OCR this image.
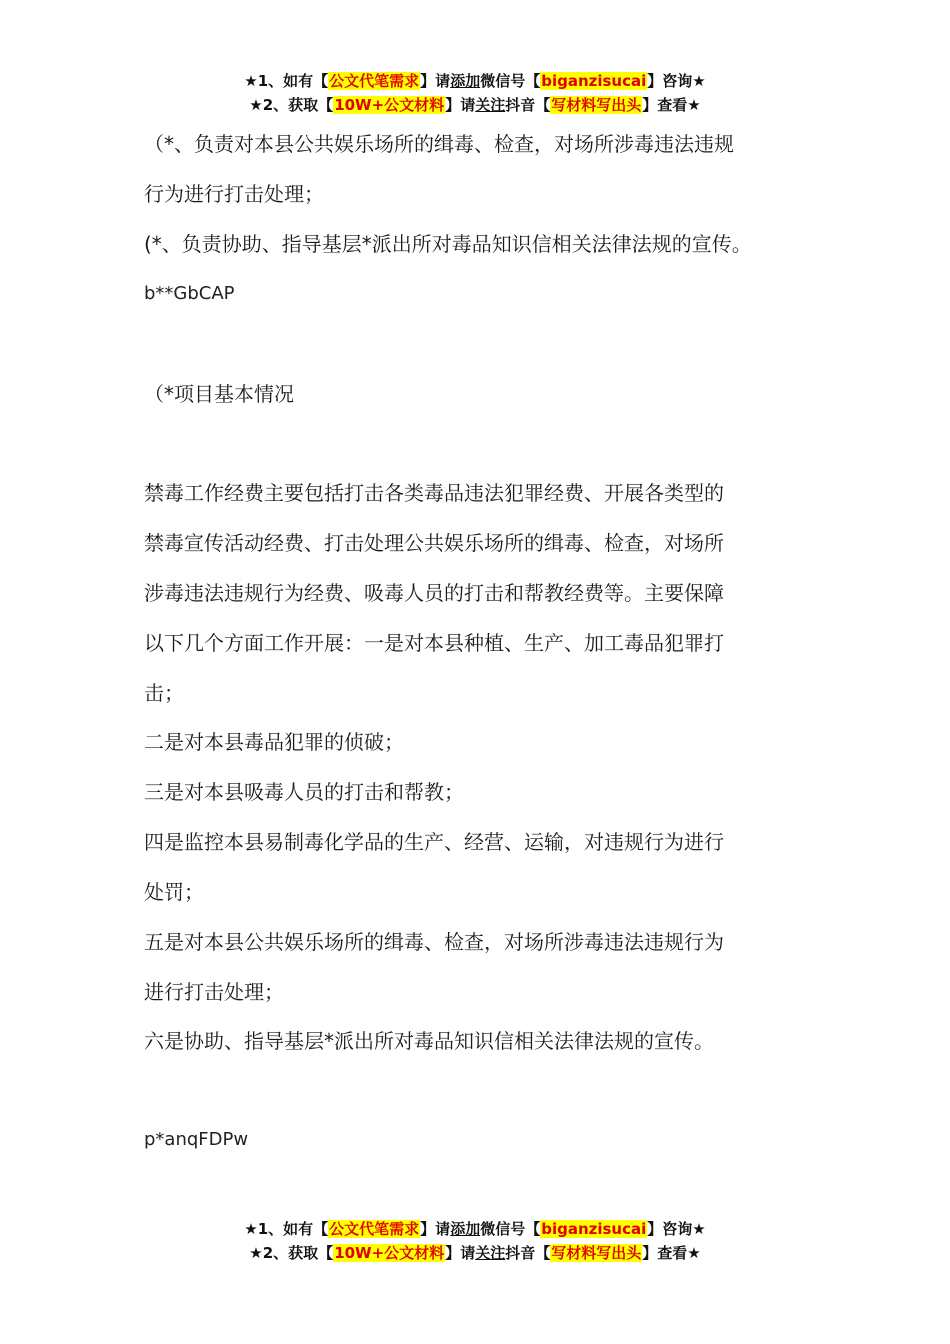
★1、如有【公文代笔需求】请添加微信号【biganzisucai】咨询★
★2、获取【10W+公文材料】请关注抖音【写材料写出头】查看★
（*、负责对本县公共娱乐场所的缉毒、检查，对场所涉毒违法违规
行为进行打击处理；
(*、负责协助、指导基层*派出所对毒品知识信相关法律法规的宣传。
b**GbCAP
（*项目基本情况
禁毒工作经费主要包括打击各类毒品违法犯罪经费、开展各类型的
禁毒宣传活动经费、打击处理公共娱乐场所的缉毒、检查，对场所
涉毒违法违规行为经费、吸毒人员的打击和帮教经费等。主要保障
以下几个方面工作开展：一是对本县种植、生产、加工毒品犯罪打
击；
二是对本县毒品犯罪的侦破；
三是对本县吸毒人员的打击和帮教；
四是监控本县易制毒化学品的生产、经营、运输，对违规行为进行
处罚；
五是对本县公共娱乐场所的缉毒、检查，对场所涉毒违法违规行为
进行打击处理；
六是协助、指导基层*派出所对毒品知识信相关法律法规的宣传。
p*anqFDPw
★1、如有【公文代笔需求】请添加微信号【biganzisucai】咨询★
★2、获取【10W+公文材料】请关注抖音【写材料写出头】查看★
